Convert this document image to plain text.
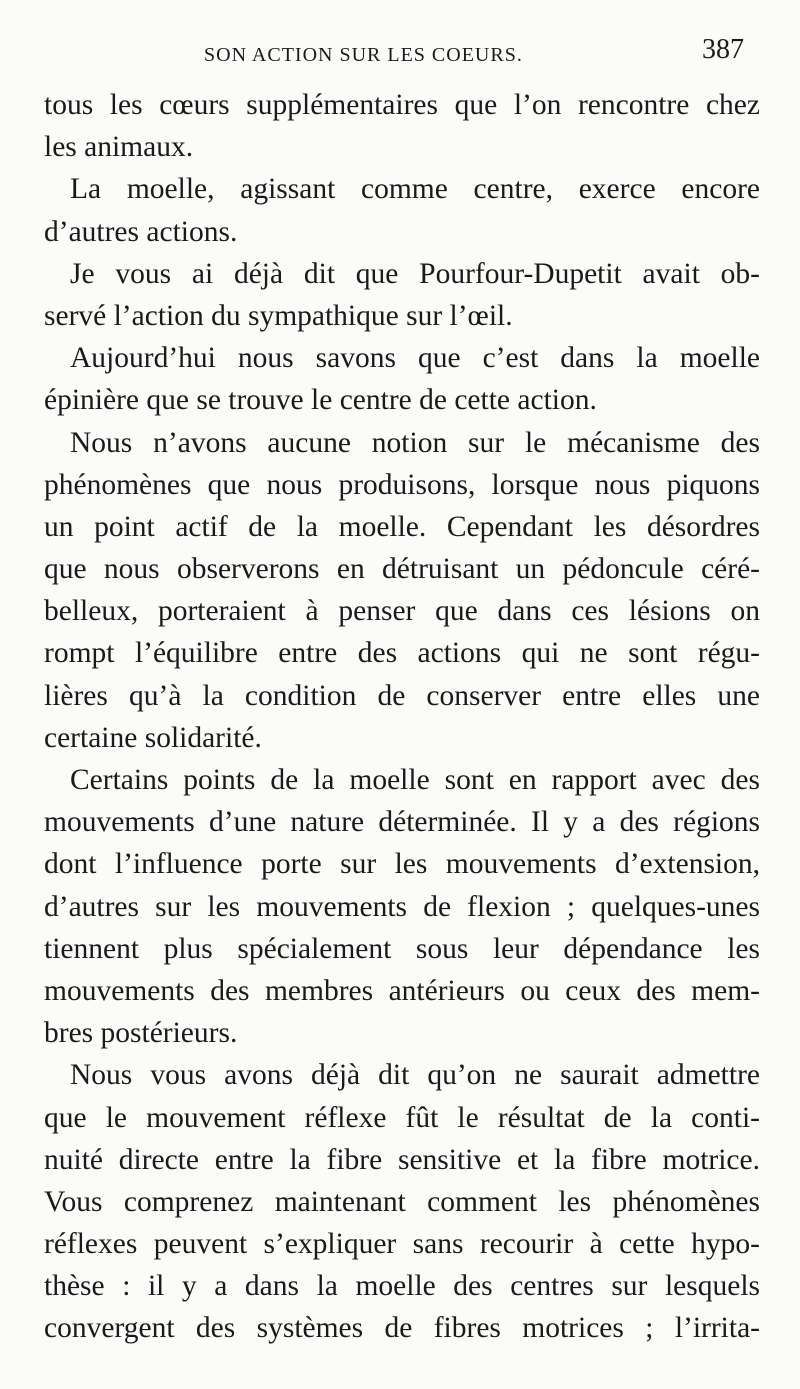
SON ACTION SUR LES COEURS.	387
tous les cœurs supplémentaires que l’on rencontre chez
les animaux.
La moelle, agissant comme centre, exerce encore
d’autres actions.
Je vous ai déjà dit que Pourfour-Dupetit avait ob-
servé l’action du sympathique sur l’œil.
Aujourd’hui nous savons que c’est dans la moelle
épinière que se trouve le centre de cette action.
Nous n’avons aucune notion sur le mécanisme des
phénomènes que nous produisons, lorsque nous piquons
un point actif de la moelle. Cependant les désordres
que nous observerons en détruisant un pédoncule céré-
belleux, porteraient à penser que dans ces lésions on
rompt l’équilibre entre des actions qui ne sont régu-
lières qu’à la condition de conserver entre elles une
certaine solidarité.
Certains points de la moelle sont en rapport avec des
mouvements d’une nature déterminée. Il y a des régions
dont l’influence porte sur les mouvements d’extension,
d’autres sur les mouvements de flexion ; quelques-unes
tiennent plus spécialement sous leur dépendance les
mouvements des membres antérieurs ou ceux des mem-
bres postérieurs.
Nous vous avons déjà dit qu’on ne saurait admettre
que le mouvement réflexe fût le résultat de la conti-
nuité directe entre la fibre sensitive et la fibre motrice.
Vous comprenez maintenant comment les phénomènes
réflexes peuvent s’expliquer sans recourir à cette hypo-
thèse : il y a dans la moelle des centres sur lesquels
convergent des systèmes de fibres motrices ; l’irrita-
